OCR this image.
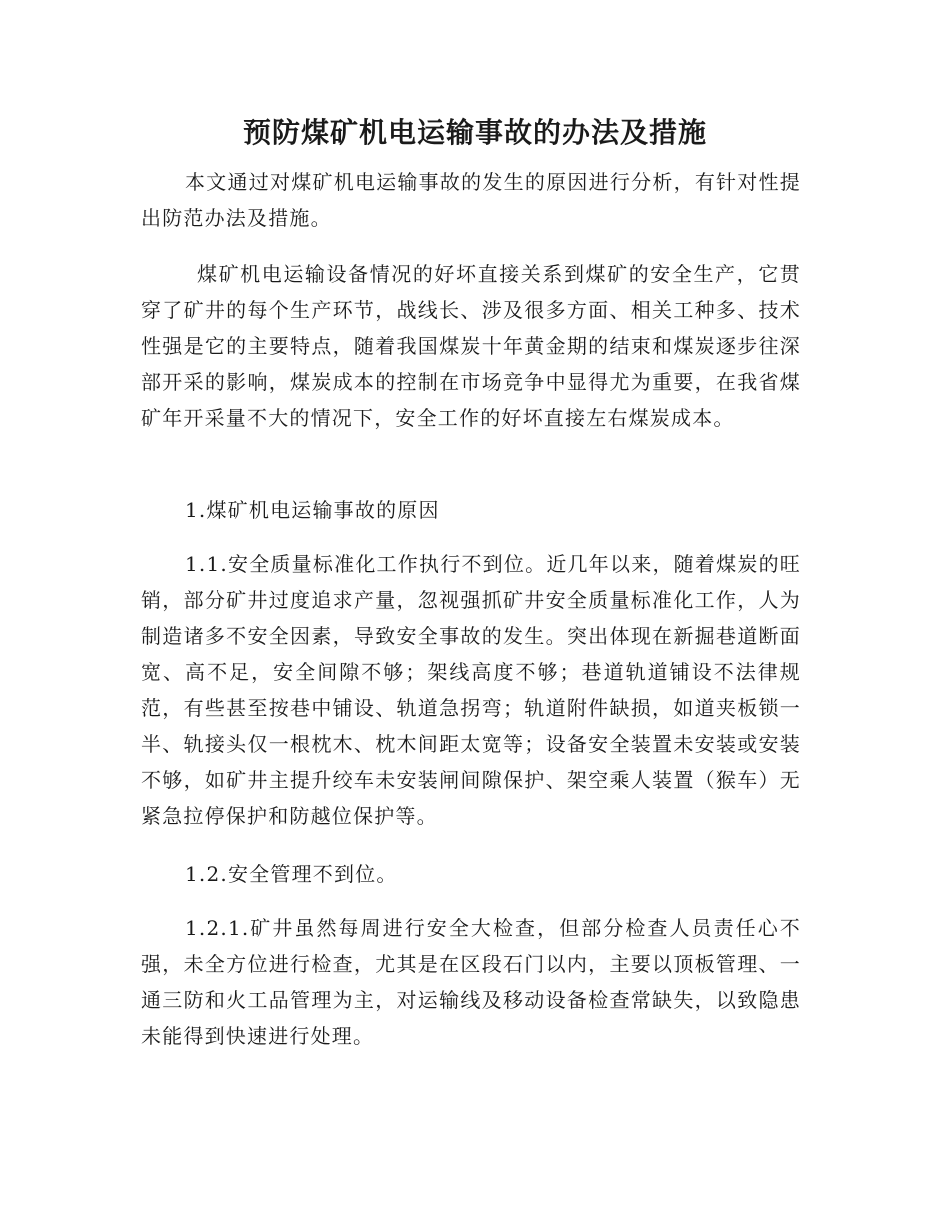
预防煤矿机电运输事故的办法及措施

本文通过对煤矿机电运输事故的发生的原因进行分析，有针对性提出防范办法及措施。

煤矿机电运输设备情况的好坏直接关系到煤矿的安全生产，它贯穿了矿井的每个生产环节，战线长、涉及很多方面、相关工种多、技术性强是它的主要特点，随着我国煤炭十年黄金期的结束和煤炭逐步往深部开采的影响，煤炭成本的控制在市场竞争中显得尤为重要，在我省煤矿年开采量不大的情况下，安全工作的好坏直接左右煤炭成本。

1.煤矿机电运输事故的原因

1.1.安全质量标准化工作执行不到位。近几年以来，随着煤炭的旺销，部分矿井过度追求产量，忽视强抓矿井安全质量标准化工作，人为制造诸多不安全因素，导致安全事故的发生。突出体现在新掘巷道断面宽、高不足，安全间隙不够；架线高度不够；巷道轨道铺设不法律规范，有些甚至按巷中铺设、轨道急拐弯；轨道附件缺损，如道夹板锁一半、轨接头仅一根枕木、枕木间距太宽等；设备安全装置未安装或安装不够，如矿井主提升绞车未安装闸间隙保护、架空乘人装置（猴车）无紧急拉停保护和防越位保护等。

1.2.安全管理不到位。

1.2.1.矿井虽然每周进行安全大检查，但部分检查人员责任心不强，未全方位进行检查，尤其是在区段石门以内，主要以顶板管理、一通三防和火工品管理为主，对运输线及移动设备检查常缺失，以致隐患未能得到快速进行处理。
